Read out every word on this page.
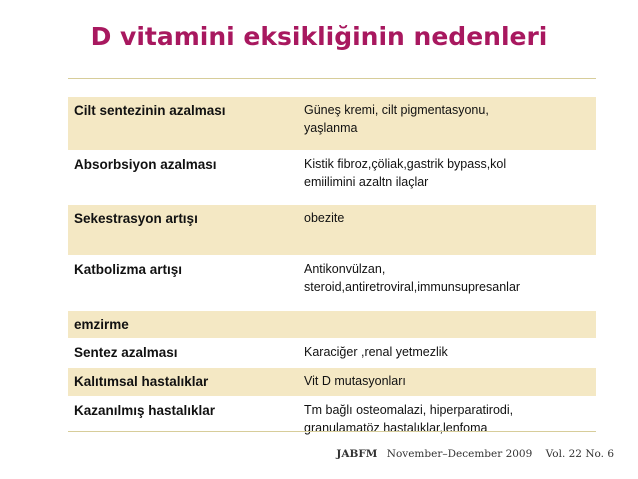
D vitamini eksikliğinin nedenleri
Cilt sentezinin azalması	Güneş kremi, cilt pigmentasyonu,
yaşlanma
Absorbsiyon azalması	Kistik fibroz,çöliak,gastrik bypass,kol
emiilimini azaltn ilaçlar
Sekestrasyon artışı	obezite
Katbolizma artışı	Antikonvülzan,
steroid,antiretroviral,immunsupresanlar
emzirme	
Sentez azalması	Karaciğer ,renal yetmezlik
Kalıtımsal hastalıklar	Vit D mutasyonları
Kazanılmış hastalıklar	Tm bağlı osteomalazi, hiperparatirodi,
granulamatöz hastalıklar,lenfoma
JABFM November–December 2009 Vol. 22 No. 6
